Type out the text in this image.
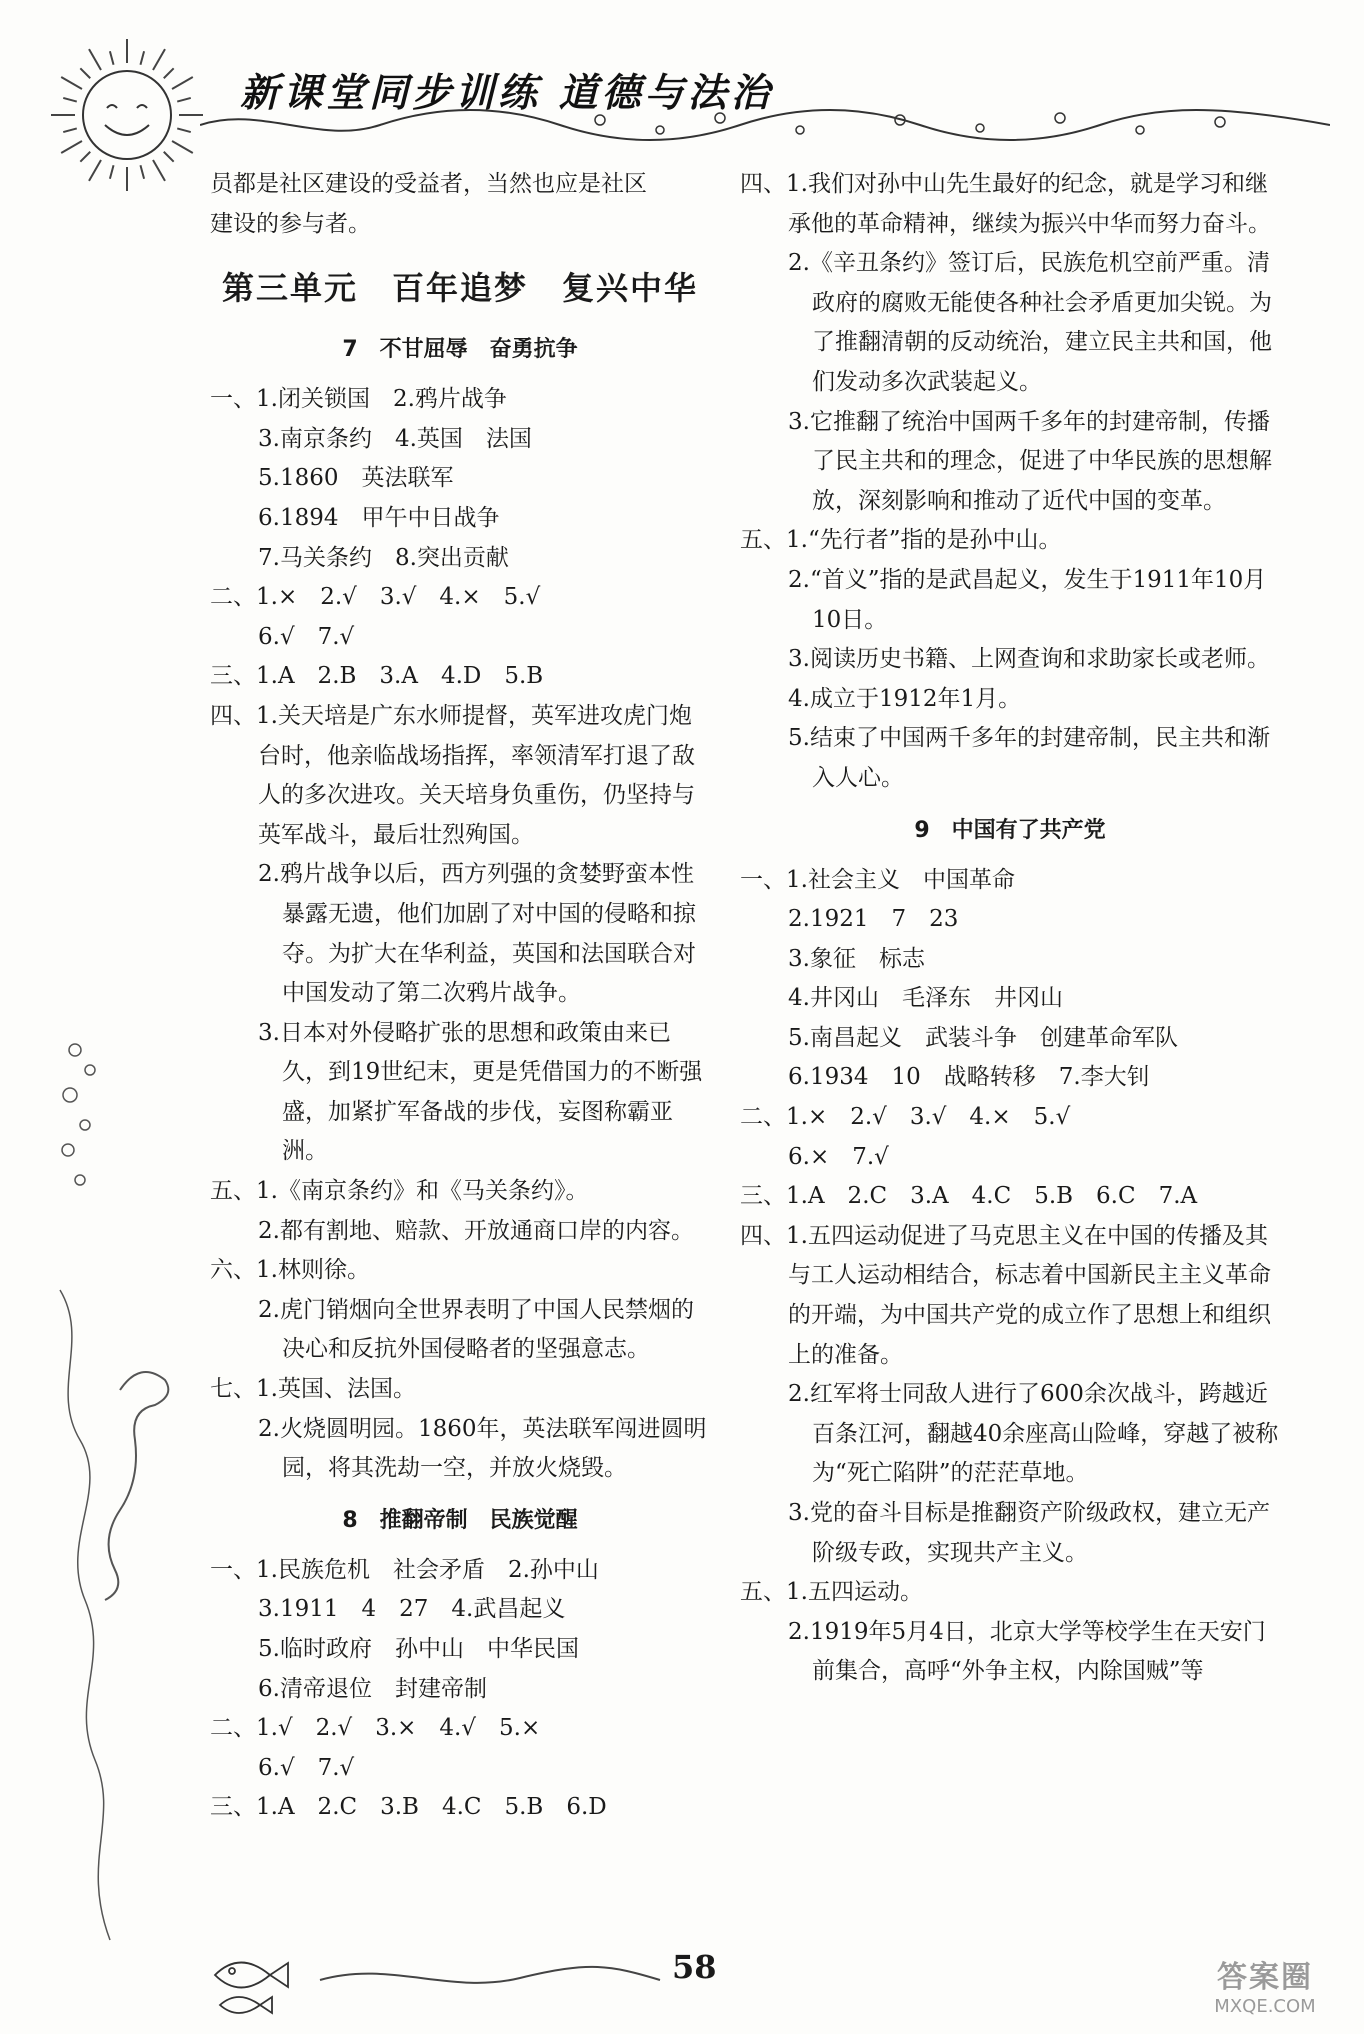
新课堂同步训练 道德与法治
员都是社区建设的受益者，当然也应是社区
建设的参与者。
第三单元　百年追梦　复兴中华
7　不甘屈辱　奋勇抗争
一、1.闭关锁国　2.鸦片战争
3.南京条约　4.英国　法国
5.1860　英法联军
6.1894　甲午中日战争
7.马关条约　8.突出贡献
二、1.×　2.√　3.√　4.×　5.√
6.√　7.√
三、1.A　2.B　3.A　4.D　5.B
四、1.关天培是广东水师提督，英军进攻虎门炮台时，他亲临战场指挥，率领清军打退了敌人的多次进攻。关天培身负重伤，仍坚持与英军战斗，最后壮烈殉国。
2.鸦片战争以后，西方列强的贪婪野蛮本性暴露无遗，他们加剧了对中国的侵略和掠夺。为扩大在华利益，英国和法国联合对中国发动了第二次鸦片战争。
3.日本对外侵略扩张的思想和政策由来已久，到19世纪末，更是凭借国力的不断强盛，加紧扩军备战的步伐，妄图称霸亚洲。
五、1.《南京条约》和《马关条约》。
2.都有割地、赔款、开放通商口岸的内容。
六、1.林则徐。
2.虎门销烟向全世界表明了中国人民禁烟的决心和反抗外国侵略者的坚强意志。
七、1.英国、法国。
2.火烧圆明园。1860年，英法联军闯进圆明园，将其洗劫一空，并放火烧毁。
8　推翻帝制　民族觉醒
一、1.民族危机　社会矛盾　2.孙中山
3.1911　4　27　4.武昌起义
5.临时政府　孙中山　中华民国
6.清帝退位　封建帝制
二、1.√　2.√　3.×　4.√　5.×
6.√　7.√
三、1.A　2.C　3.B　4.C　5.B　6.D
四、1.我们对孙中山先生最好的纪念，就是学习和继承他的革命精神，继续为振兴中华而努力奋斗。
2.《辛丑条约》签订后，民族危机空前严重。清政府的腐败无能使各种社会矛盾更加尖锐。为了推翻清朝的反动统治，建立民主共和国，他们发动多次武装起义。
3.它推翻了统治中国两千多年的封建帝制，传播了民主共和的理念，促进了中华民族的思想解放，深刻影响和推动了近代中国的变革。
五、1.“先行者”指的是孙中山。
2.“首义”指的是武昌起义，发生于1911年10月10日。
3.阅读历史书籍、上网查询和求助家长或老师。
4.成立于1912年1月。
5.结束了中国两千多年的封建帝制，民主共和渐入人心。
9　中国有了共产党
一、1.社会主义　中国革命
2.1921　7　23
3.象征　标志
4.井冈山　毛泽东　井冈山
5.南昌起义　武装斗争　创建革命军队
6.1934　10　战略转移　7.李大钊
二、1.×　2.√　3.√　4.×　5.√
6.×　7.√
三、1.A　2.C　3.A　4.C　5.B　6.C　7.A
四、1.五四运动促进了马克思主义在中国的传播及其与工人运动相结合，标志着中国新民主主义革命的开端，为中国共产党的成立作了思想上和组织上的准备。
2.红军将士同敌人进行了600余次战斗，跨越近百条江河，翻越40余座高山险峰，穿越了被称为“死亡陷阱”的茫茫草地。
3.党的奋斗目标是推翻资产阶级政权，建立无产阶级专政，实现共产主义。
五、1.五四运动。
2.1919年5月4日，北京大学等校学生在天安门前集合，高呼“外争主权，内除国贼”等
58	答案圈
MXQE.COM
